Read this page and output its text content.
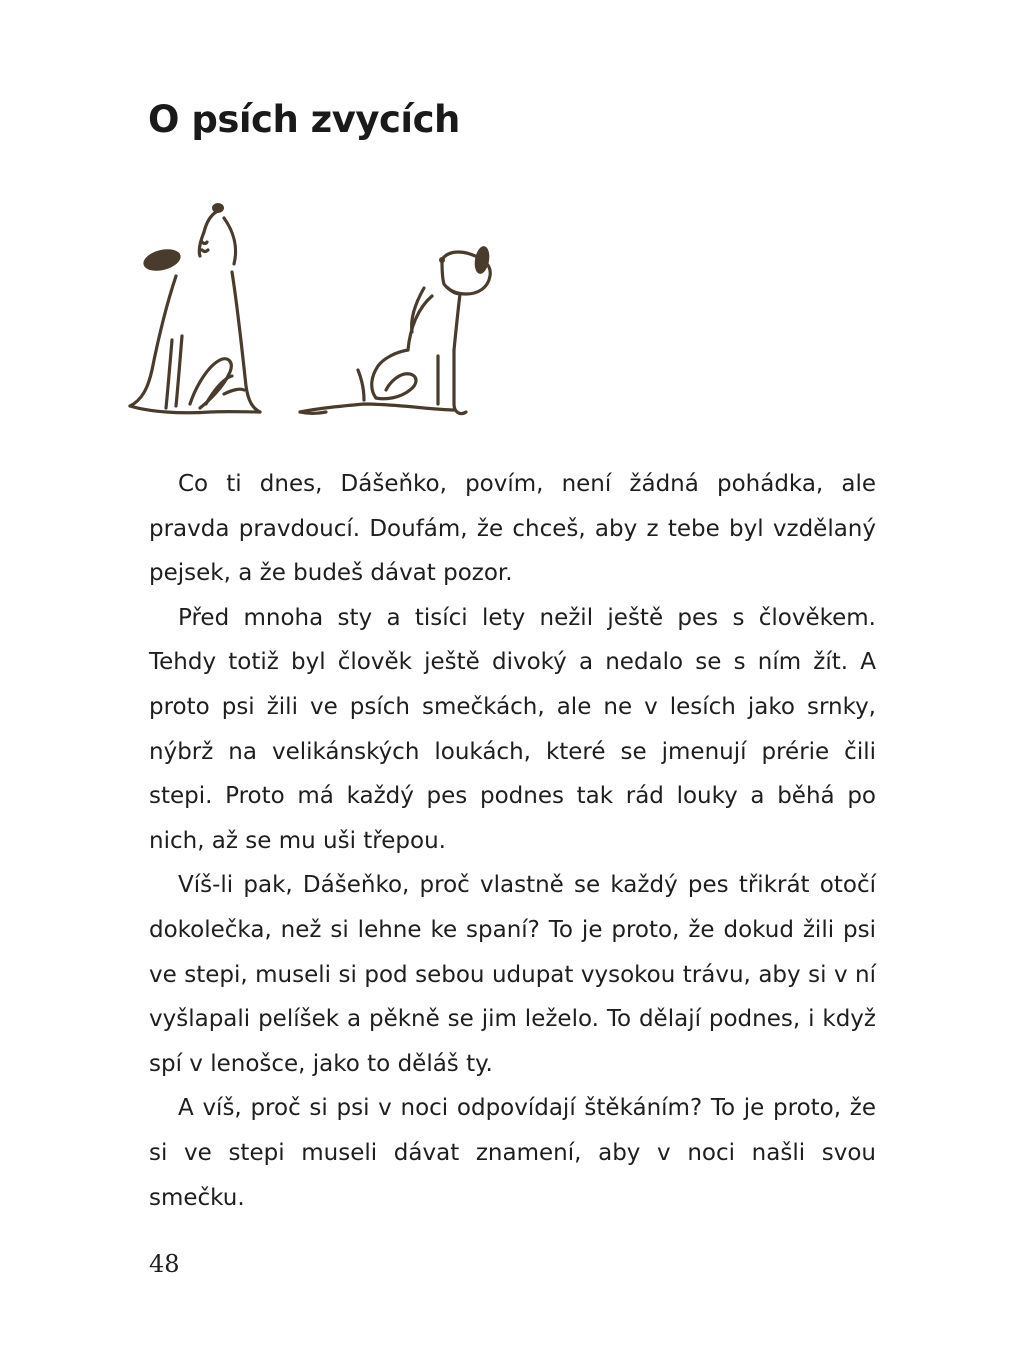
O psích zvycích

Co ti dnes, Dášeňko, povím, není žádná pohádka, ale pravda pravdoucí. Doufám, že chceš, aby z tebe byl vzdělaný pejsek, a že budeš dávat pozor.

Před mnoha sty a tisíci lety nežil ještě pes s člověkem. Tehdy totiž byl člověk ještě divoký a nedalo se s ním žít. A proto psi žili ve psích smečkách, ale ne v lesích jako srnky, nýbrž na velikánských loukách, které se jmenují prérie čili stepi. Proto má každý pes podnes tak rád louky a běhá po nich, až se mu uši třepou.

Víš-li pak, Dášeňko, proč vlastně se každý pes třikrát otočí dokolečka, než si lehne ke spaní? To je proto, že dokud žili psi ve stepi, museli si pod sebou udupat vysokou trávu, aby si v ní vyšlapali pelíšek a pěkně se jim leželo. To dělají podnes, i když spí v lenošce, jako to děláš ty.

A víš, proč si psi v noci odpovídají štěkáním? To je proto, že si ve stepi museli dávat znamení, aby v noci našli svou smečku.

48
